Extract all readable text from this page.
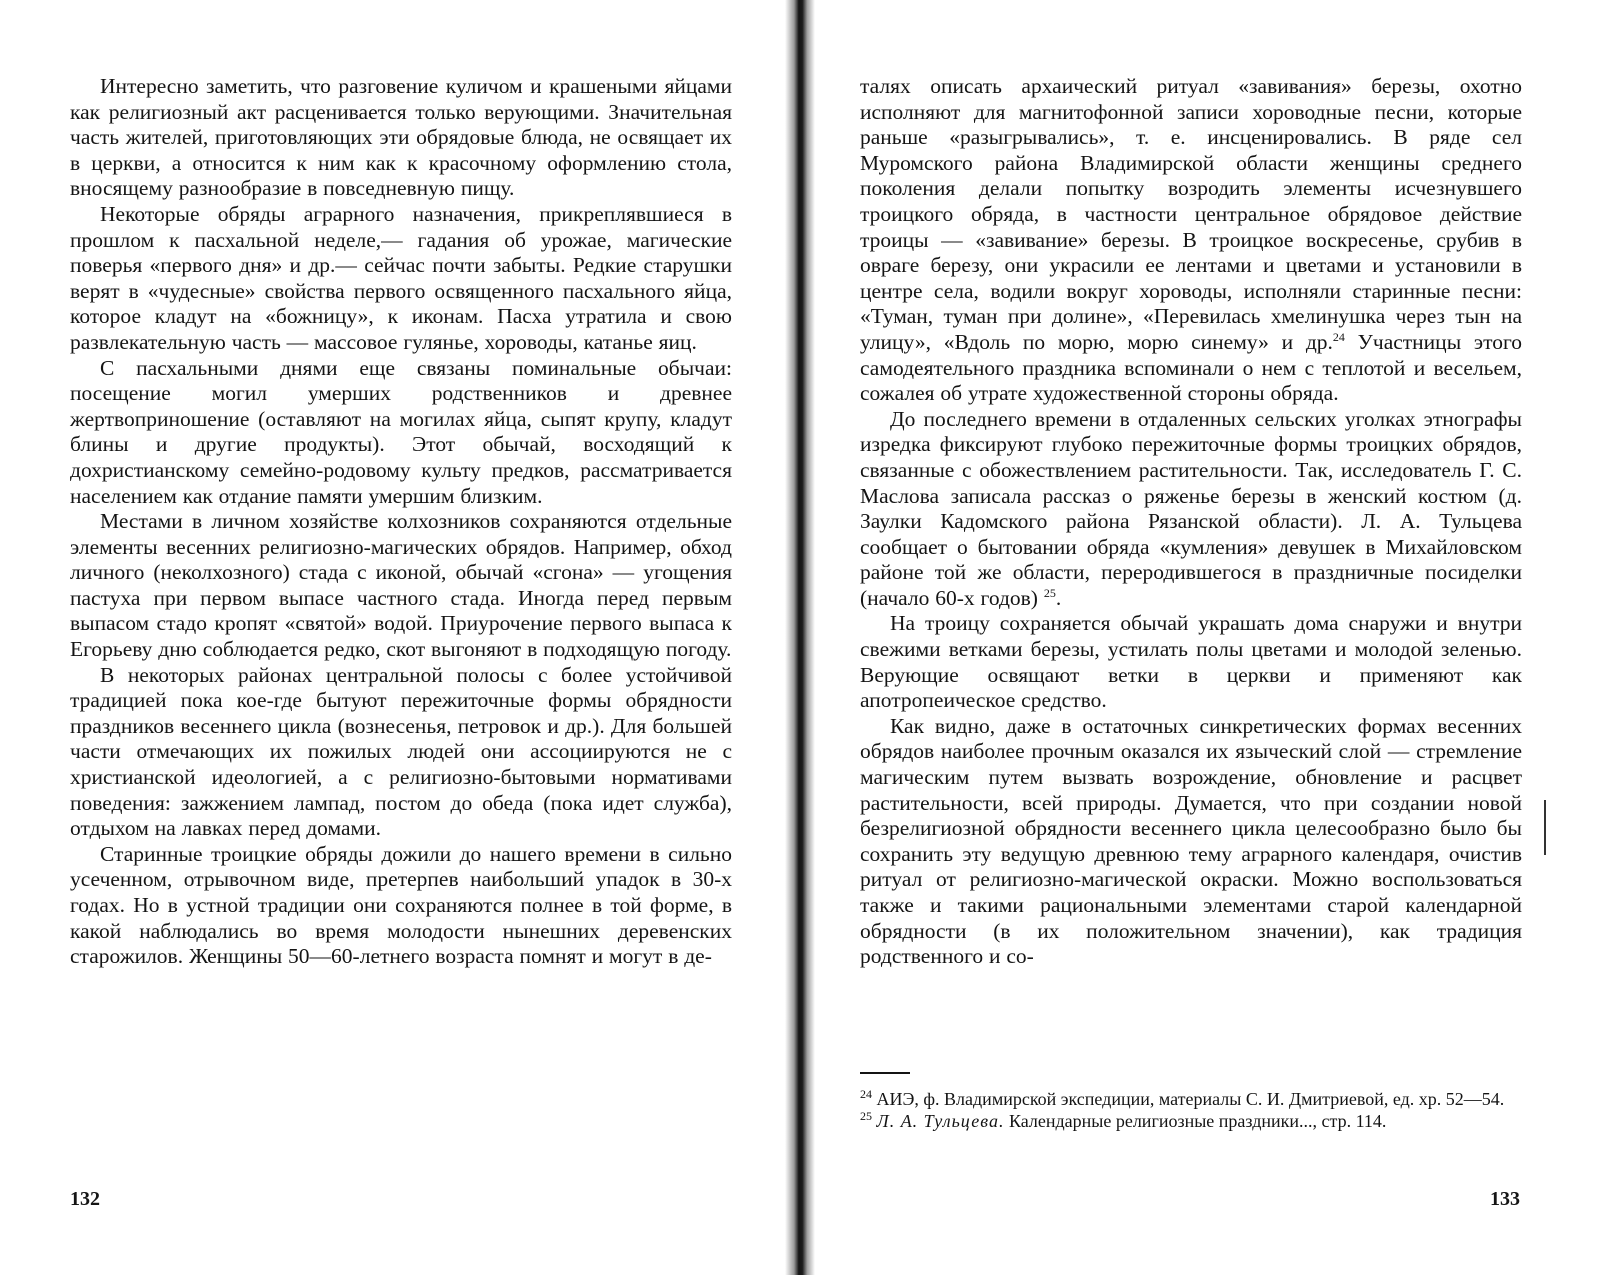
Интересно заметить, что разговение куличом и крашеными яйцами как религиозный акт расценивается только верующими. Значительная часть жителей, приготовляющих эти обрядовые блюда, не освящает их в церкви, а относится к ним как к красочному оформлению стола, вносящему разнообразие в повседневную пищу.

Некоторые обряды аграрного назначения, прикреплявшиеся в прошлом к пасхальной неделе,— гадания об урожае, магические поверья «первого дня» и др.— сейчас почти забыты. Редкие старушки верят в «чудесные» свойства первого освященного пасхального яйца, которое кладут на «божницу», к иконам. Пасха утратила и свою развлекательную часть — массовое гулянье, хороводы, катанье яиц.

С пасхальными днями еще связаны поминальные обычаи: посещение могил умерших родственников и древнее жертвоприношение (оставляют на могилах яйца, сыпят крупу, кладут блины и другие продукты). Этот обычай, восходящий к дохристианскому семейно-родовому культу предков, рассматривается населением как отдание памяти умершим близким.

Местами в личном хозяйстве колхозников сохраняются отдельные элементы весенних религиозно-магических обрядов. Например, обход личного (неколхозного) стада с иконой, обычай «сгона» — угощения пастуха при первом выпасе частного стада. Иногда перед первым выпасом стадо кропят «святой» водой. Приурочение первого выпаса к Егорьеву дню соблюдается редко, скот выгоняют в подходящую погоду.

В некоторых районах центральной полосы с более устойчивой традицией пока кое-где бытуют пережиточные формы обрядности праздников весеннего цикла (вознесенья, петровок и др.). Для большей части отмечающих их пожилых людей они ассоциируются не с христианской идеологией, а с религиозно-бытовыми нормативами поведения: зажжением лампад, постом до обеда (пока идет служба), отдыхом на лавках перед домами.

Старинные троицкие обряды дожили до нашего времени в сильно усеченном, отрывочном виде, претерпев наибольший упадок в 30-х годах. Но в устной традиции они сохраняются полнее в той форме, в какой наблюдались во время молодости нынешних деревенских старожилов. Женщины 50—60-летнего возраста помнят и могут в де-

132

талях описать архаический ритуал «завивания» березы, охотно исполняют для магнитофонной записи хороводные песни, которые раньше «разыгрывались», т. е. инсценировались. В ряде сел Муромского района Владимирской области женщины среднего поколения делали попытку возродить элементы исчезнувшего троицкого обряда, в частности центральное обрядовое действие троицы — «завивание» березы. В троицкое воскресенье, срубив в овраге березу, они украсили ее лентами и цветами и установили в центре села, водили вокруг хороводы, исполняли старинные песни: «Туман, туман при долине», «Перевилась хмелинушка через тын на улицу», «Вдоль по морю, морю синему» и др.$^{24}$ Участницы этого самодеятельного праздника вспоминали о нем с теплотой и весельем, сожалея об утрате художественной стороны обряда.

До последнего времени в отдаленных сельских уголках этнографы изредка фиксируют глубоко пережиточные формы троицких обрядов, связанные с обожествлением растительности. Так, исследователь Г. С. Маслова записала рассказ о ряженье березы в женский костюм (д. Заулки Кадомского района Рязанской области). Л. А. Тульцева сообщает о бытовании обряда «кумления» девушек в Михайловском районе той же области, переродившегося в праздничные посиделки (начало 60-х годов) $^{25}$.

На троицу сохраняется обычай украшать дома снаружи и внутри свежими ветками березы, устилать полы цветами и молодой зеленью. Верующие освящают ветки в церкви и применяют как апотропеическое средство.

Как видно, даже в остаточных синкретических формах весенних обрядов наиболее прочным оказался их языческий слой — стремление магическим путем вызвать возрождение, обновление и расцвет растительности, всей природы. Думается, что при создании новой безрелигиозной обрядности весеннего цикла целесообразно было бы сохранить эту ведущую древнюю тему аграрного календаря, очистив ритуал от религиозно-магической окраски. Можно воспользоваться также и такими рациональными элементами старой календарной обрядности (в их положительном значении), как традиция родственного и со-

$^{24}$ АИЭ, ф. Владимирской экспедиции, материалы С. И. Дмитриевой, ед. хр. 52—54.

$^{25}$ Л. А. Тульцева. Календарные религиозные праздники..., стр. 114.

133
